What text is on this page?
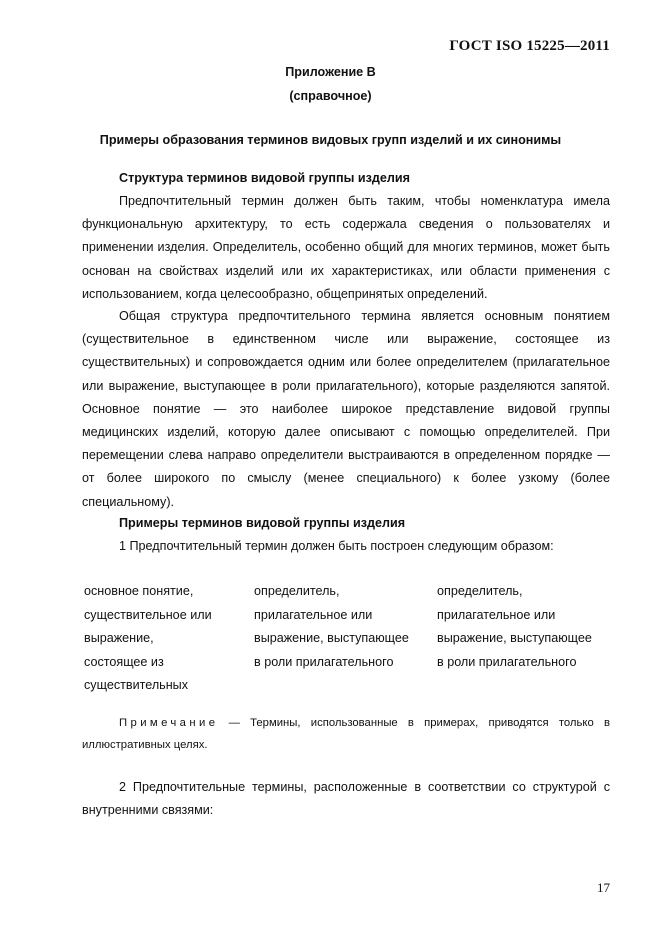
ГОСТ ISO 15225—2011
Приложение В
(справочное)
Примеры образования терминов видовых групп изделий и их синонимы
Структура терминов видовой группы изделия

Предпочтительный термин должен быть таким, чтобы номенклатура имела функциональную архитектуру, то есть содержала сведения о пользователях и применении изделия. Определитель, особенно общий для многих терминов, может быть основан на свойствах изделий или их характеристиках, или области применения с использованием, когда целесообразно, общепринятых определений.

Общая структура предпочтительного термина является основным понятием (существительное в единственном числе или выражение, состоящее из существительных) и сопровождается одним или более определителем (прилагательное или выражение, выступающее в роли прилагательного), которые разделяются запятой. Основное понятие — это наиболее широкое представление видовой группы медицинских изделий, которую далее описывают с помощью определителей. При перемещении слева направо определители выстраиваются в определенном порядке — от более широкого по смыслу (менее специального) к более узкому (более специальному).

Примеры терминов видовой группы изделия
1 Предпочтительный термин должен быть построен следующим образом:
основное понятие,
существительное или
выражение,
состоящее из
существительных
определитель,
прилагательное или
выражение, выступающее
в роли прилагательного
определитель,
прилагательное или
выражение, выступающее
в роли прилагательного

Примечание — Термины, использованные в примерах, приводятся только в иллюстративных целях.

2 Предпочтительные термины, расположенные в соответствии со структурой с внутренними связями:

17
